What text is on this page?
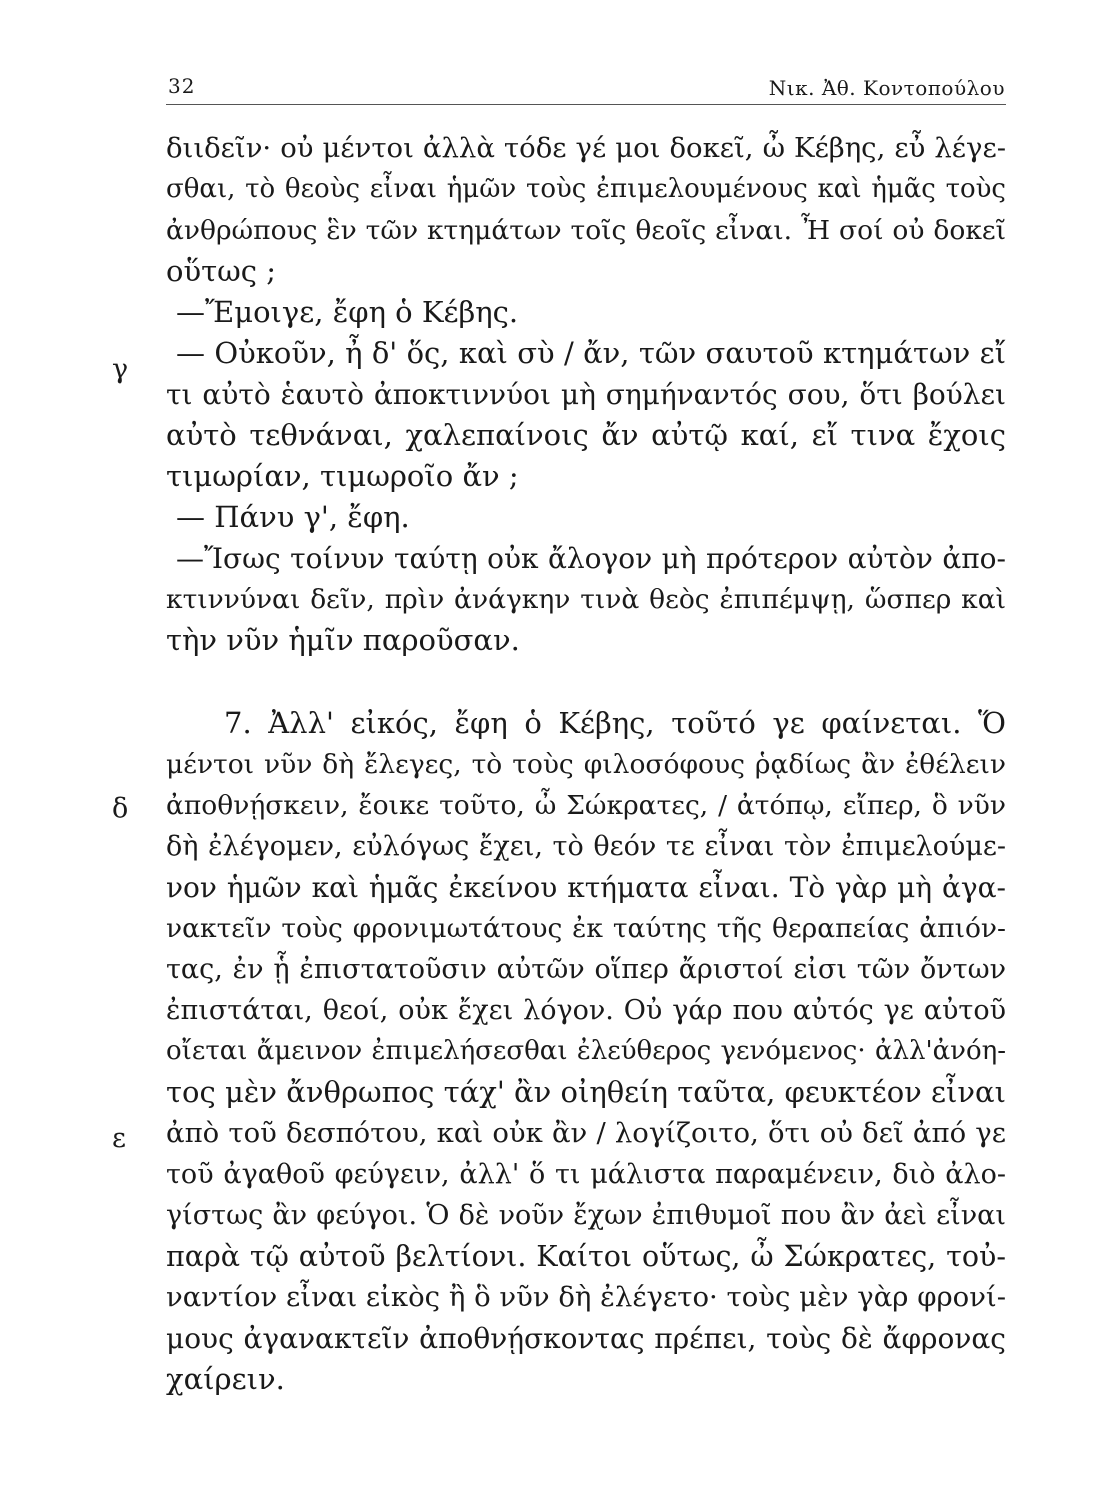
32	Νικ. Ἀθ. Κοντοπούλου
γ
δ
ε
διιδεῖν· οὐ μέντοι ἀλλὰ τόδε γέ μοι δοκεῖ, ὦ Κέβης, εὖ λέγε-
σθαι, τὸ θεοὺς εἶναι ἡμῶν τοὺς ἐπιμελουμένους καὶ ἡμᾶς τοὺς
ἀνθρώπους ἓν τῶν κτημάτων τοῖς θεοῖς εἶναι. Ἦ σοί οὐ δοκεῖ
οὕτως ;
—Ἔμοιγε, ἔφη ὁ Κέβης.
— Οὐκοῦν, ἦ δ' ὅς, καὶ σὺ / ἄν, τῶν σαυτοῦ κτημάτων εἴ
τι αὐτὸ ἑαυτὸ ἀποκτιννύοι μὴ σημήναντός σου, ὅτι βούλει
αὐτὸ τεθνάναι, χαλεπαίνοις ἄν αὐτῷ καί, εἴ τινα ἔχοις
τιμωρίαν, τιμωροῖο ἄν ;
— Πάνυ γ', ἔφη.
—Ἴσως τοίνυν ταύτῃ οὐκ ἄλογον μὴ πρότερον αὐτὸν ἀπο-
κτιννύναι δεῖν, πρὶν ἀνάγκην τινὰ θεὸς ἐπιπέμψῃ, ὥσπερ καὶ
τὴν νῦν ἡμῖν παροῦσαν.
7. Ἀλλ' εἰκός, ἔφη ὁ Κέβης, τοῦτό γε φαίνεται. Ὅ
μέντοι νῦν δὴ ἔλεγες, τὸ τοὺς φιλοσόφους ῥᾳδίως ἂν ἐθέλειν
ἀποθνῄσκειν, ἔοικε τοῦτο, ὦ Σώκρατες, / ἀτόπῳ, εἴπερ, ὃ νῦν
δὴ ἐλέγομεν, εὐλόγως ἔχει, τὸ θεόν τε εἶναι τὸν ἐπιμελούμε-
νον ἡμῶν καὶ ἡμᾶς ἐκείνου κτήματα εἶναι. Τὸ γὰρ μὴ ἀγα-
νακτεῖν τοὺς φρονιμωτάτους ἐκ ταύτης τῆς θεραπείας ἀπιόν-
τας, ἐν ᾗ ἐπιστατοῦσιν αὐτῶν οἵπερ ἄριστοί εἰσι τῶν ὄντων
ἐπιστάται, θεοί, οὐκ ἔχει λόγον. Οὐ γάρ που αὐτός γε αὐτοῦ
οἴεται ἄμεινον ἐπιμελήσεσθαι ἐλεύθερος γενόμενος· ἀλλ'ἀνόη-
τος μὲν ἄνθρωπος τάχ' ἂν οἰηθείη ταῦτα, φευκτέον εἶναι
ἀπὸ τοῦ δεσπότου, καὶ οὐκ ἂν / λογίζοιτο, ὅτι οὐ δεῖ ἀπό γε
τοῦ ἀγαθοῦ φεύγειν, ἀλλ' ὅ τι μάλιστα παραμένειν, διὸ ἀλο-
γίστως ἂν φεύγοι. Ὁ δὲ νοῦν ἔχων ἐπιθυμοῖ που ἂν ἀεὶ εἶναι
παρὰ τῷ αὐτοῦ βελτίονι. Καίτοι οὕτως, ὦ Σώκρατες, τοὐ-
ναντίον εἶναι εἰκὸς ἢ ὃ νῦν δὴ ἐλέγετο· τοὺς μὲν γὰρ φρονί-
μους ἀγανακτεῖν ἀποθνῄσκοντας πρέπει, τοὺς δὲ ἄφρονας
χαίρειν.
